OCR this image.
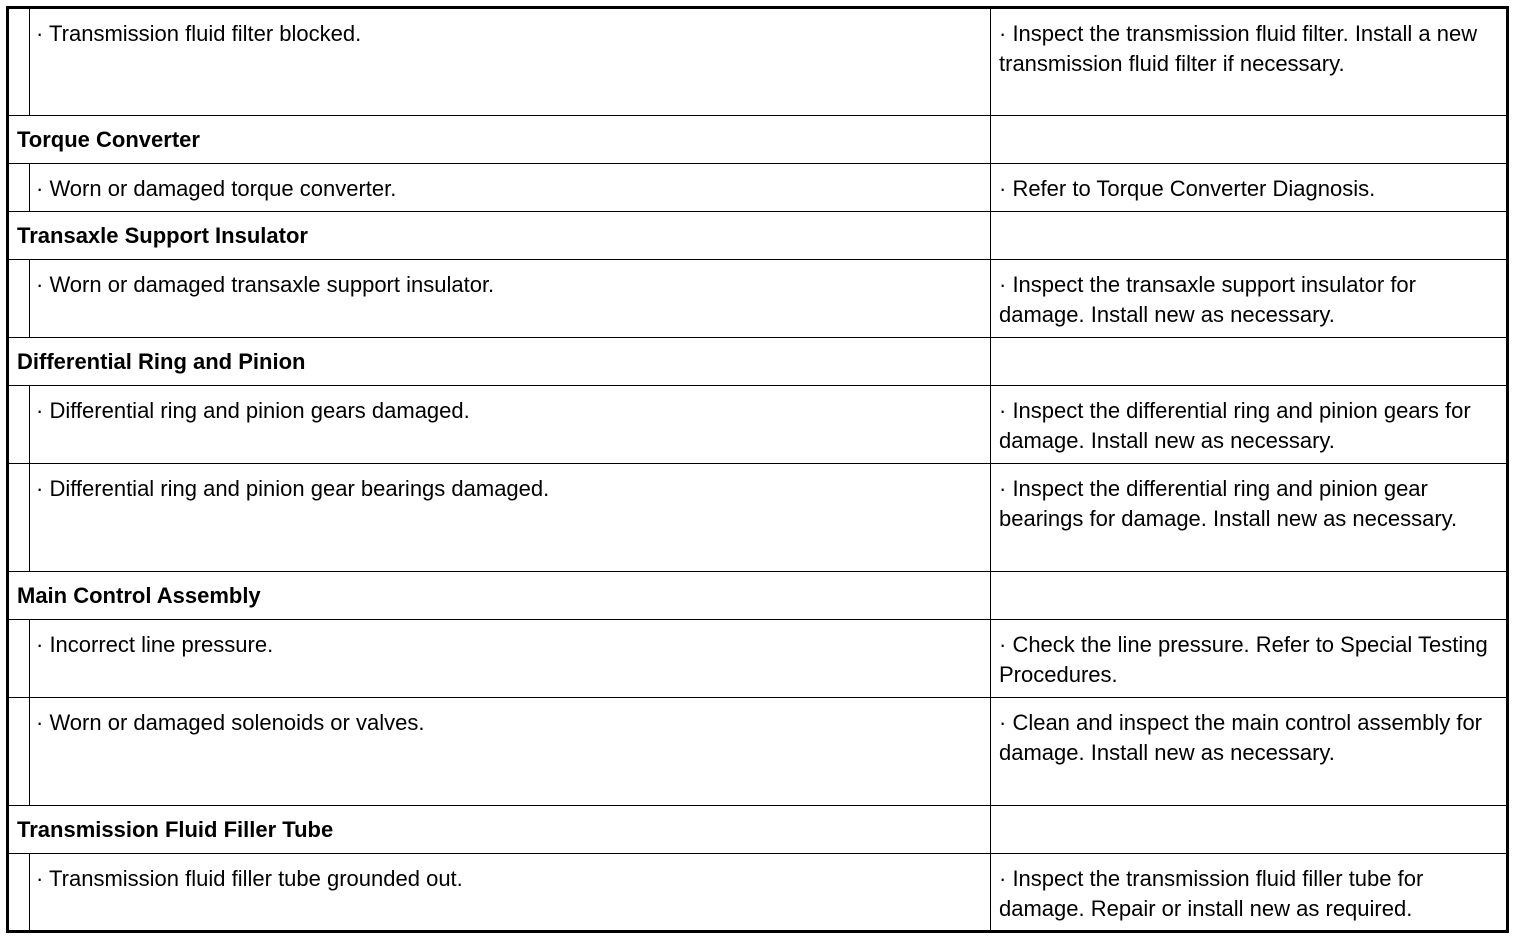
	· Transmission fluid filter blocked.	· Inspect the transmission fluid filter. Install a new transmission fluid filter if necessary.
Torque Converter		
	· Worn or damaged torque converter.	· Refer to Torque Converter Diagnosis.
Transaxle Support Insulator		
	· Worn or damaged transaxle support insulator.	· Inspect the transaxle support insulator for damage. Install new as necessary.
Differential Ring and Pinion		
	· Differential ring and pinion gears damaged.	· Inspect the differential ring and pinion gears for damage. Install new as necessary.
	· Differential ring and pinion gear bearings damaged.	· Inspect the differential ring and pinion gear bearings for damage. Install new as necessary.
Main Control Assembly		
	· Incorrect line pressure.	· Check the line pressure. Refer to Special Testing Procedures.
	· Worn or damaged solenoids or valves.	· Clean and inspect the main control assembly for damage. Install new as necessary.
Transmission Fluid Filler Tube		
	· Transmission fluid filler tube grounded out.	· Inspect the transmission fluid filler tube for damage. Repair or install new as required.
